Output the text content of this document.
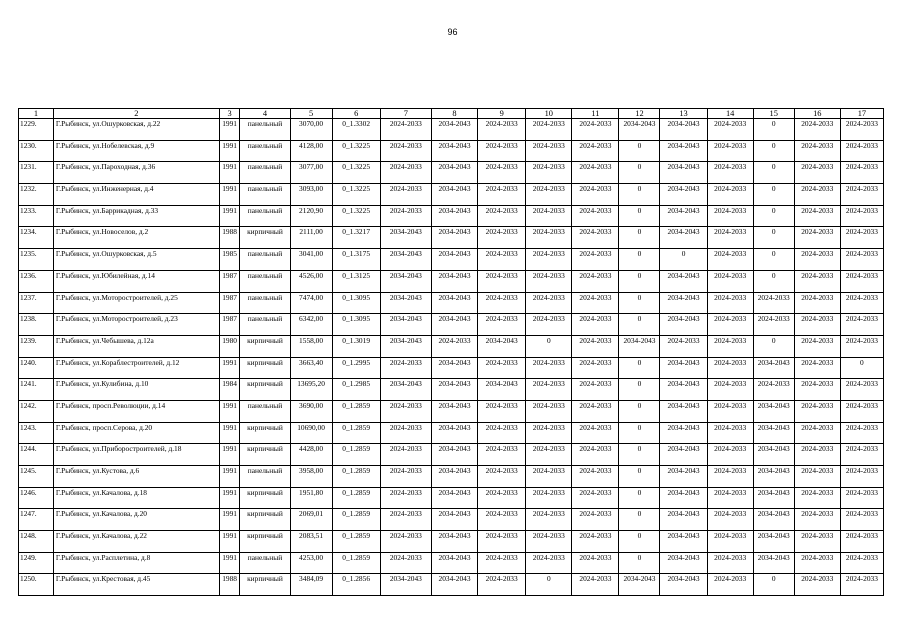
96
1	2	3	4	5	6	7	8	9	10	11	12	13	14	15	16	17
1229.	Г.Рыбинск, ул.Ошурковская, д.22	1991	панельный	3070,00	0_1.3302	2024-2033	2034-2043	2024-2033	2024-2033	2024-2033	2034-2043	2034-2043	2024-2033	0	2024-2033	2024-2033
1230.	Г.Рыбинск, ул.Нобелевская, д.9	1991	панельный	4128,00	0_1.3225	2024-2033	2034-2043	2024-2033	2024-2033	2024-2033	0	2034-2043	2024-2033	0	2024-2033	2024-2033
1231.	Г.Рыбинск, ул.Пароходная, д.36	1991	панельный	3077,00	0_1.3225	2024-2033	2034-2043	2024-2033	2024-2033	2024-2033	0	2034-2043	2024-2033	0	2024-2033	2024-2033
1232.	Г.Рыбинск, ул.Инженерная, д.4	1991	панельный	3093,00	0_1.3225	2024-2033	2034-2043	2024-2033	2024-2033	2024-2033	0	2034-2043	2024-2033	0	2024-2033	2024-2033
1233.	Г.Рыбинск, ул.Баррикадная, д.33	1991	панельный	2120,90	0_1.3225	2024-2033	2034-2043	2024-2033	2024-2033	2024-2033	0	2034-2043	2024-2033	0	2024-2033	2024-2033
1234.	Г.Рыбинск, ул.Новоселов, д.2	1988	кирпичный	2111,00	0_1.3217	2034-2043	2034-2043	2024-2033	2024-2033	2024-2033	0	2034-2043	2024-2033	0	2024-2033	2024-2033
1235.	Г.Рыбинск, ул.Ошурковская, д.5	1985	панельный	3041,00	0_1.3175	2034-2043	2034-2043	2024-2033	2024-2033	2024-2033	0	0	2024-2033	0	2024-2033	2024-2033
1236.	Г.Рыбинск, ул.Юбилейная, д.14	1987	панельный	4526,00	0_1.3125	2034-2043	2034-2043	2024-2033	2024-2033	2024-2033	0	2034-2043	2024-2033	0	2024-2033	2024-2033
1237.	Г.Рыбинск, ул.Моторостроителей, д.25	1987	панельный	7474,00	0_1.3095	2034-2043	2034-2043	2024-2033	2024-2033	2024-2033	0	2034-2043	2024-2033	2024-2033	2024-2033	2024-2033
1238.	Г.Рыбинск, ул.Моторостроителей, д.23	1987	панельный	6342,00	0_1.3095	2034-2043	2034-2043	2024-2033	2024-2033	2024-2033	0	2034-2043	2024-2033	2024-2033	2024-2033	2024-2033
1239.	Г.Рыбинск, ул.Чебышева, д.12а	1980	кирпичный	1558,00	0_1.3019	2034-2043	2024-2033	2034-2043	0	2024-2033	2034-2043	2024-2033	2024-2033	0	2024-2033	2024-2033
1240.	Г.Рыбинск, ул.Кораблестроителей, д.12	1991	кирпичный	3663,40	0_1.2995	2024-2033	2034-2043	2024-2033	2024-2033	2024-2033	0	2034-2043	2024-2033	2034-2043	2024-2033	0
1241.	Г.Рыбинск, ул.Кулибина, д.10	1984	кирпичный	13695,20	0_1.2985	2034-2043	2034-2043	2034-2043	2024-2033	2024-2033	0	2034-2043	2024-2033	2024-2033	2024-2033	2024-2033
1242.	Г.Рыбинск, просп.Революции, д.14	1991	панельный	3690,00	0_1.2859	2024-2033	2034-2043	2024-2033	2024-2033	2024-2033	0	2034-2043	2024-2033	2034-2043	2024-2033	2024-2033
1243.	Г.Рыбинск, просп.Серова, д.20	1991	кирпичный	10690,00	0_1.2859	2024-2033	2034-2043	2024-2033	2024-2033	2024-2033	0	2034-2043	2024-2033	2034-2043	2024-2033	2024-2033
1244.	Г.Рыбинск, ул.Приборостроителей, д.18	1991	кирпичный	4428,00	0_1.2859	2024-2033	2034-2043	2024-2033	2024-2033	2024-2033	0	2034-2043	2024-2033	2034-2043	2024-2033	2024-2033
1245.	Г.Рыбинск, ул.Кустова, д.6	1991	панельный	3958,00	0_1.2859	2024-2033	2034-2043	2024-2033	2024-2033	2024-2033	0	2034-2043	2024-2033	2034-2043	2024-2033	2024-2033
1246.	Г.Рыбинск, ул.Качалова, д.18	1991	кирпичный	1951,80	0_1.2859	2024-2033	2034-2043	2024-2033	2024-2033	2024-2033	0	2034-2043	2024-2033	2034-2043	2024-2033	2024-2033
1247.	Г.Рыбинск, ул.Качалова, д.20	1991	кирпичный	2069,01	0_1.2859	2024-2033	2034-2043	2024-2033	2024-2033	2024-2033	0	2034-2043	2024-2033	2034-2043	2024-2033	2024-2033
1248.	Г.Рыбинск, ул.Качалова, д.22	1991	кирпичный	2083,51	0_1.2859	2024-2033	2034-2043	2024-2033	2024-2033	2024-2033	0	2034-2043	2024-2033	2034-2043	2024-2033	2024-2033
1249.	Г.Рыбинск, ул.Расплетина, д.8	1991	панельный	4253,00	0_1.2859	2024-2033	2034-2043	2024-2033	2024-2033	2024-2033	0	2034-2043	2024-2033	2034-2043	2024-2033	2024-2033
1250.	Г.Рыбинск, ул.Крестовая, д.45	1988	кирпичный	3484,09	0_1.2856	2034-2043	2034-2043	2024-2033	0	2024-2033	2034-2043	2034-2043	2024-2033	0	2024-2033	2024-2033
